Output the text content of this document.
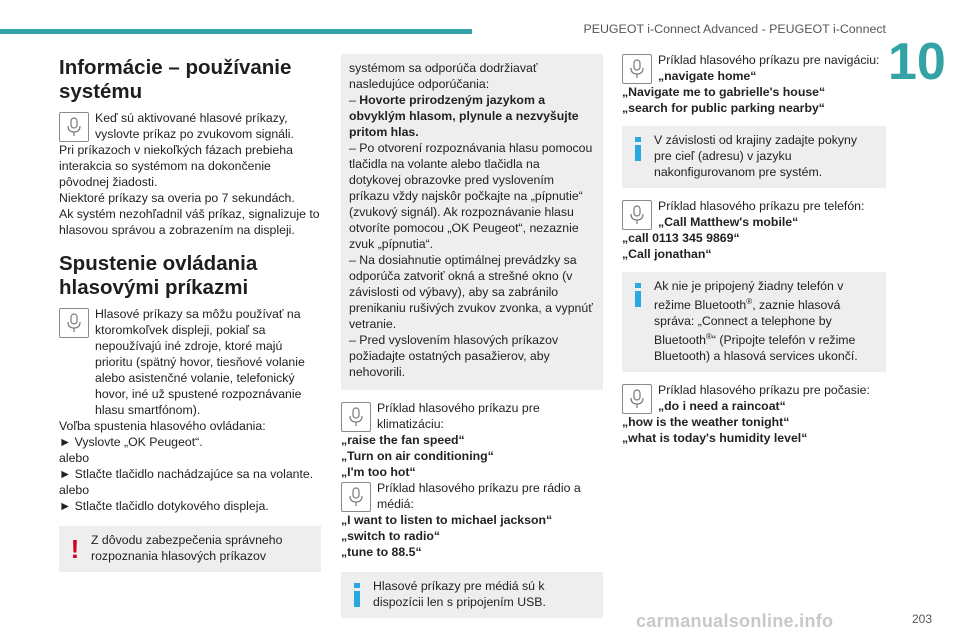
PEUGEOT i-Connect Advanced - PEUGEOT i-Connect
10
Informácie – používanie systému

Keď sú aktivované hlasové príkazy, vyslovte príkaz po zvukovom signáli.

Pri príkazoch v niekoľkých fázach prebieha interakcia so systémom na dokončenie pôvodnej žiadosti.

Niektoré príkazy sa overia po 7 sekundách.

Ak systém nezohľadnil váš príkaz, signalizuje to hlasovou správou a zobrazením na displeji.

Spustenie ovládania hlasovými príkazmi

Hlasové príkazy sa môžu používať na ktoromkoľvek displeji, pokiaľ sa nepoužívajú iné zdroje, ktoré majú prioritu (spätný hovor, tiesňové volanie alebo asistenčné volanie, telefonický hovor, iné už spustené rozpoznávanie hlasu smartfónom).

Voľba spustenia hlasového ovládania:

► Vyslovte „OK Peugeot“.

alebo

► Stlačte tlačidlo nachádzajúce sa na volante.

alebo

► Stlačte tlačidlo dotykového displeja.

! Z dôvodu zabezpečenia správneho rozpoznania hlasových príkazov

systémom sa odporúča dodržiavať nasledujúce odporúčania:

– Hovorte prirodzeným jazykom a obvyklým hlasom, plynule a nezvyšujte pritom hlas.

– Po otvorení rozpoznávania hlasu pomocou tlačidla na volante alebo tlačidla na dotykovej obrazovke pred vyslovením príkazu vždy najskôr počkajte na „pípnutie“ (zvukový signál). Ak rozpoznávanie hlasu otvoríte pomocou „OK Peugeot“, nezaznie zvuk „pípnutia“.

– Na dosiahnutie optimálnej prevádzky sa odporúča zatvoriť okná a strešné okno (v závislosti od výbavy), aby sa zabránilo prenikaniu rušivých zvukov zvonka, a vypnúť vetranie.

– Pred vyslovením hlasových príkazov požiadajte ostatných pasažierov, aby nehovorili.

Príklad hlasového príkazu pre klimatizáciu:

„raise the fan speed“

„Turn on air conditioning“

„I'm too hot“

Príklad hlasového príkazu pre rádio a médiá:

„I want to listen to michael jackson“

„switch to radio“

„tune to 88.5“

Hlasové príkazy pre médiá sú k dispozícii len s pripojením USB.

Príklad hlasového príkazu pre navigáciu:

„navigate home“

„Navigate me to gabrielle's house“

„search for public parking nearby“

V závislosti od krajiny zadajte pokyny pre cieľ (adresu) v jazyku nakonfigurovanom pre systém.

Príklad hlasového príkazu pre telefón:

„Call Matthew's mobile“

„call 0113 345 9869“

„Call jonathan“

Ak nie je pripojený žiadny telefón v režime Bluetooth®, zaznie hlasová správa: „Connect a telephone by Bluetooth®“ (Pripojte telefón v režime Bluetooth) a hlasová services ukončí.

Príklad hlasového príkazu pre počasie:

„do i need a raincoat“

„how is the weather tonight“

„what is today's humidity level“

carmanualsonline.info	203
